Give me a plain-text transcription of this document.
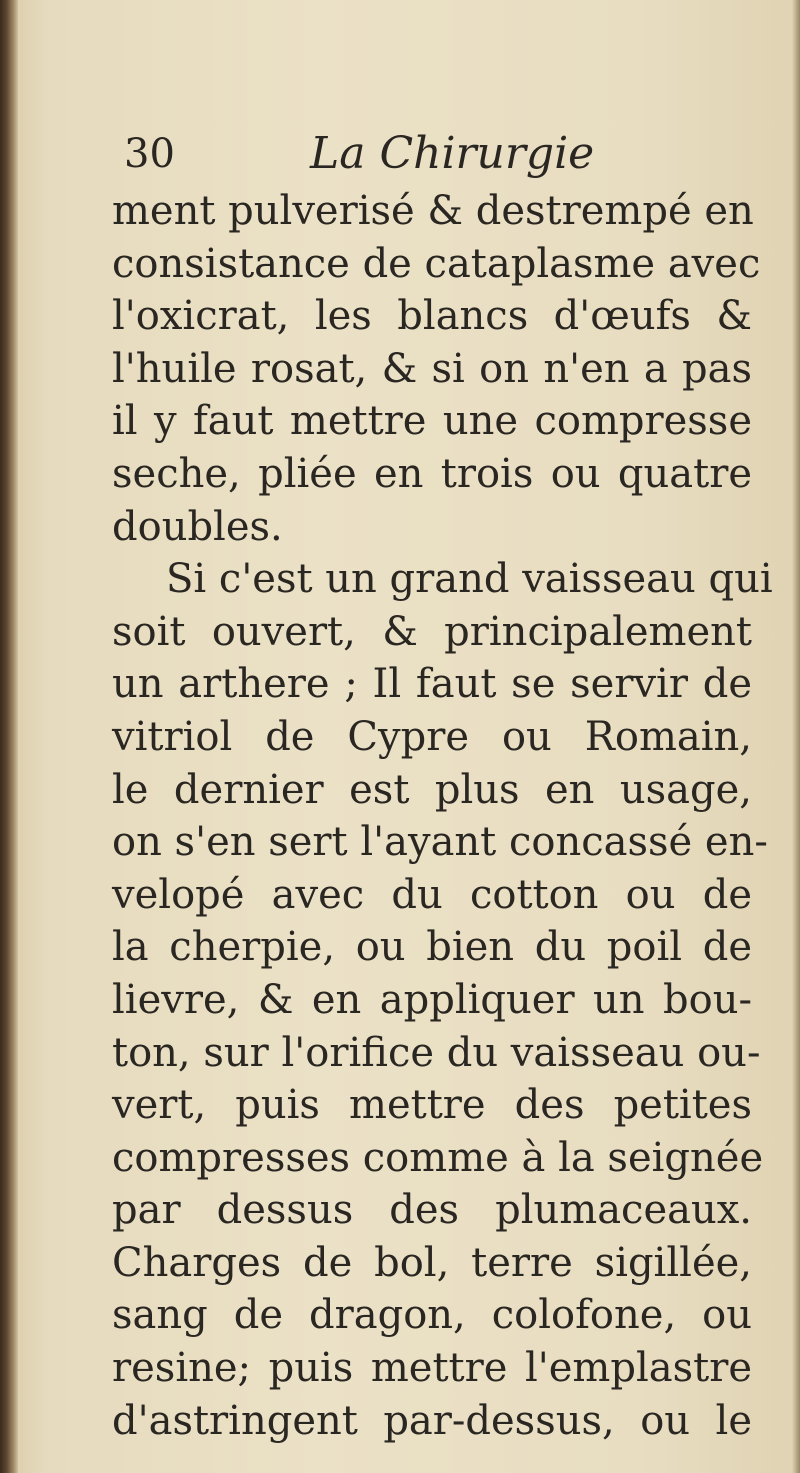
30	La Chirurgie
ment pulverisé & destrempé en
consistance de cataplasme avec
l'oxicrat, les blancs d'œufs &
l'huile rosat, & si on n'en a pas
il y faut mettre une compresse
seche, pliée en trois ou quatre
doubles.
Si c'est un grand vaisseau qui
soit ouvert, & principalement
un arthere ; Il faut se servir de
vitriol de Cypre ou Romain,
le dernier est plus en usage,
on s'en sert l'ayant concassé en-
velopé avec du cotton ou de
la cherpie, ou bien du poil de
lievre, & en appliquer un bou-
ton, sur l'orifice du vaisseau ou-
vert, puis mettre des petites
compresses comme à la seignée
par dessus des plumaceaux.
Charges de bol, terre sigillée,
sang de dragon, colofone, ou
resine; puis mettre l'emplastre
d'astringent par-dessus, ou le
